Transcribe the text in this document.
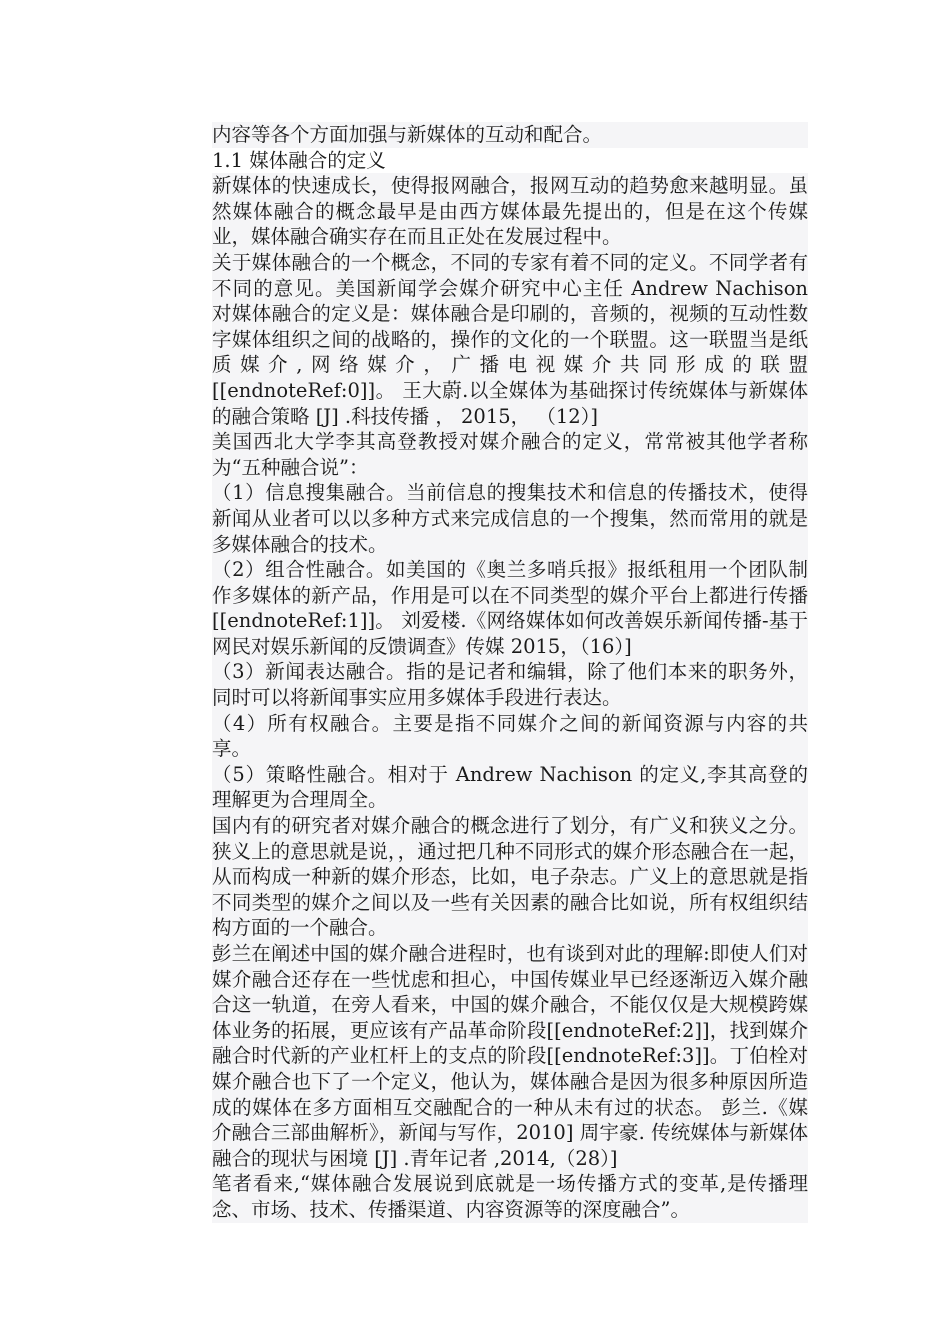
内容等各个方面加强与新媒体的互动和配合。

1.1 媒体融合的定义

新媒体的快速成长，使得报网融合，报网互动的趋势愈来越明显。虽然媒体融合的概念最早是由西方媒体最先提出的，但是在这个传媒业，媒体融合确实存在而且正处在发展过程中。

关于媒体融合的一个概念，不同的专家有着不同的定义。不同学者有不同的意见。美国新闻学会媒介研究中心主任 Andrew Nachison 对媒体融合的定义是：媒体融合是印刷的，音频的，视频的互动性数字媒体组织之间的战略的，操作的文化的一个联盟。这一联盟当是纸质媒介,网络媒介，广播电视媒介共同形成的联盟[[endnoteRef:0]]。 王大蔚.以全媒体为基础探讨传统媒体与新媒体的融合策略 [J] .科技传播 ， 2015， （12）]

美国西北大学李其高登教授对媒介融合的定义，常常被其他学者称为“五种融合说”：

（1）信息搜集融合。当前信息的搜集技术和信息的传播技术，使得新闻从业者可以以多种方式来完成信息的一个搜集，然而常用的就是多媒体融合的技术。

（2）组合性融合。如美国的《奥兰多哨兵报》报纸租用一个团队制作多媒体的新产品，作用是可以在不同类型的媒介平台上都进行传播[[endnoteRef:1]]。 刘爱楼.《网络媒体如何改善娱乐新闻传播-基于网民对娱乐新闻的反馈调查》传媒 2015，（16）]

（3）新闻表达融合。指的是记者和编辑，除了他们本来的职务外，同时可以将新闻事实应用多媒体手段进行表达。

（4）所有权融合。主要是指不同媒介之间的新闻资源与内容的共享。

（5）策略性融合。相对于 Andrew Nachison 的定义,李其高登的理解更为合理周全。

国内有的研究者对媒介融合的概念进行了划分，有广义和狭义之分。狭义上的意思就是说，，通过把几种不同形式的媒介形态融合在一起，从而构成一种新的媒介形态，比如，电子杂志。广义上的意思就是指不同类型的媒介之间以及一些有关因素的融合比如说，所有权组织结构方面的一个融合。

彭兰在阐述中国的媒介融合进程时，也有谈到对此的理解:即使人们对媒介融合还存在一些忧虑和担心，中国传媒业早已经逐渐迈入媒介融合这一轨道，在旁人看来，中国的媒介融合，不能仅仅是大规模跨媒体业务的拓展，更应该有产品革命阶段[[endnoteRef:2]]，找到媒介融合时代新的产业杠杆上的支点的阶段[[endnoteRef:3]]。丁伯栓对媒介融合也下了一个定义，他认为，媒体融合是因为很多种原因所造成的媒体在多方面相互交融配合的一种从未有过的状态。 彭兰.《媒介融合三部曲解析》，新闻与写作，2010] 周宇豪. 传统媒体与新媒体融合的现状与困境 [J] .青年记者 ,2014,（28）]

笔者看来,“媒体融合发展说到底就是一场传播方式的变革,是传播理念、市场、技术、传播渠道、内容资源等的深度融合”。
